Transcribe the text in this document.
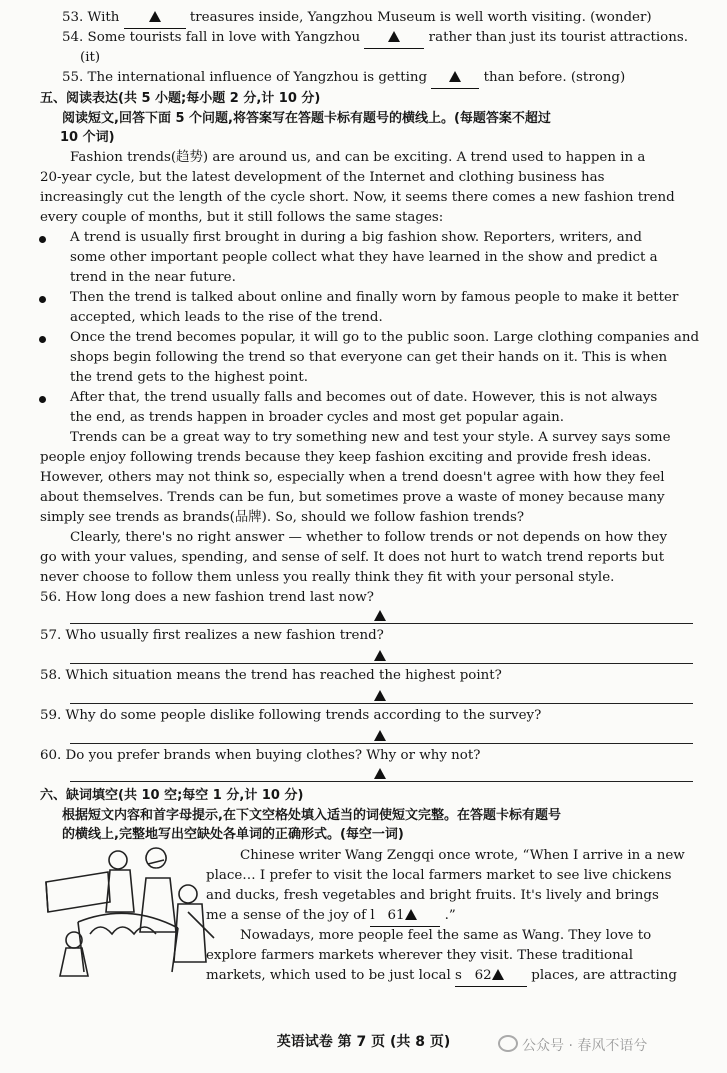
53. With	treasures inside, Yangzhou Museum is well worth visiting. (wonder)
54. Some tourists fall in love with Yangzhou	rather than just its tourist attractions.
(it)
55. The international influence of Yangzhou is getting	than before. (strong)
五、阅读表达(共 5 小题;每小题 2 分,计 10 分)
阅读短文,回答下面 5 个问题,将答案写在答题卡标有题号的横线上。(每题答案不超过
10 个词)
Fashion trends(趋势) are around us, and can be exciting. A trend used to happen in a
20-year cycle, but the latest development of the Internet and clothing business has
increasingly cut the length of the cycle short. Now, it seems there comes a new fashion trend
every couple of months, but it still follows the same stages:
A trend is usually first brought in during a big fashion show. Reporters, writers, and
some other important people collect what they have learned in the show and predict a
trend in the near future.
Then the trend is talked about online and finally worn by famous people to make it better
accepted, which leads to the rise of the trend.
Once the trend becomes popular, it will go to the public soon. Large clothing companies and
shops begin following the trend so that everyone can get their hands on it. This is when
the trend gets to the highest point.
After that, the trend usually falls and becomes out of date. However, this is not always
the end, as trends happen in broader cycles and most get popular again.
Trends can be a great way to try something new and test your style. A survey says some
people enjoy following trends because they keep fashion exciting and provide fresh ideas.
However, others may not think so, especially when a trend doesn't agree with how they feel
about themselves. Trends can be fun, but sometimes prove a waste of money because many
simply see trends as brands(品牌). So, should we follow fashion trends?
Clearly, there's no right answer — whether to follow trends or not depends on how they
go with your values, spending, and sense of self. It does not hurt to watch trend reports but
never choose to follow them unless you really think they fit with your personal style.
56. How long does a new fashion trend last now?
57. Who usually first realizes a new fashion trend?
58. Which situation means the trend has reached the highest point?
59. Why do some people dislike following trends according to the survey?
60. Do you prefer brands when buying clothes? Why or why not?
六、缺词填空(共 10 空;每空 1 分,计 10 分)
根据短文内容和首字母提示,在下文空格处填入适当的词使短文完整。在答题卡标有题号
的横线上,完整地写出空缺处各单词的正确形式。(每空一词)
Chinese writer Wang Zengqi once wrote, “When I arrive in a new
place… I prefer to visit the local farmers market to see live chickens
and ducks, fresh vegetables and bright fruits. It's lively and brings
me a sense of the joy of l 61	.”
Nowadays, more people feel the same as Wang. They love to
explore farmers markets wherever they visit. These traditional
markets, which used to be just local s 62	places, are attracting
英语试卷 第 7 页 (共 8 页)	公众号 · 春风不语兮
